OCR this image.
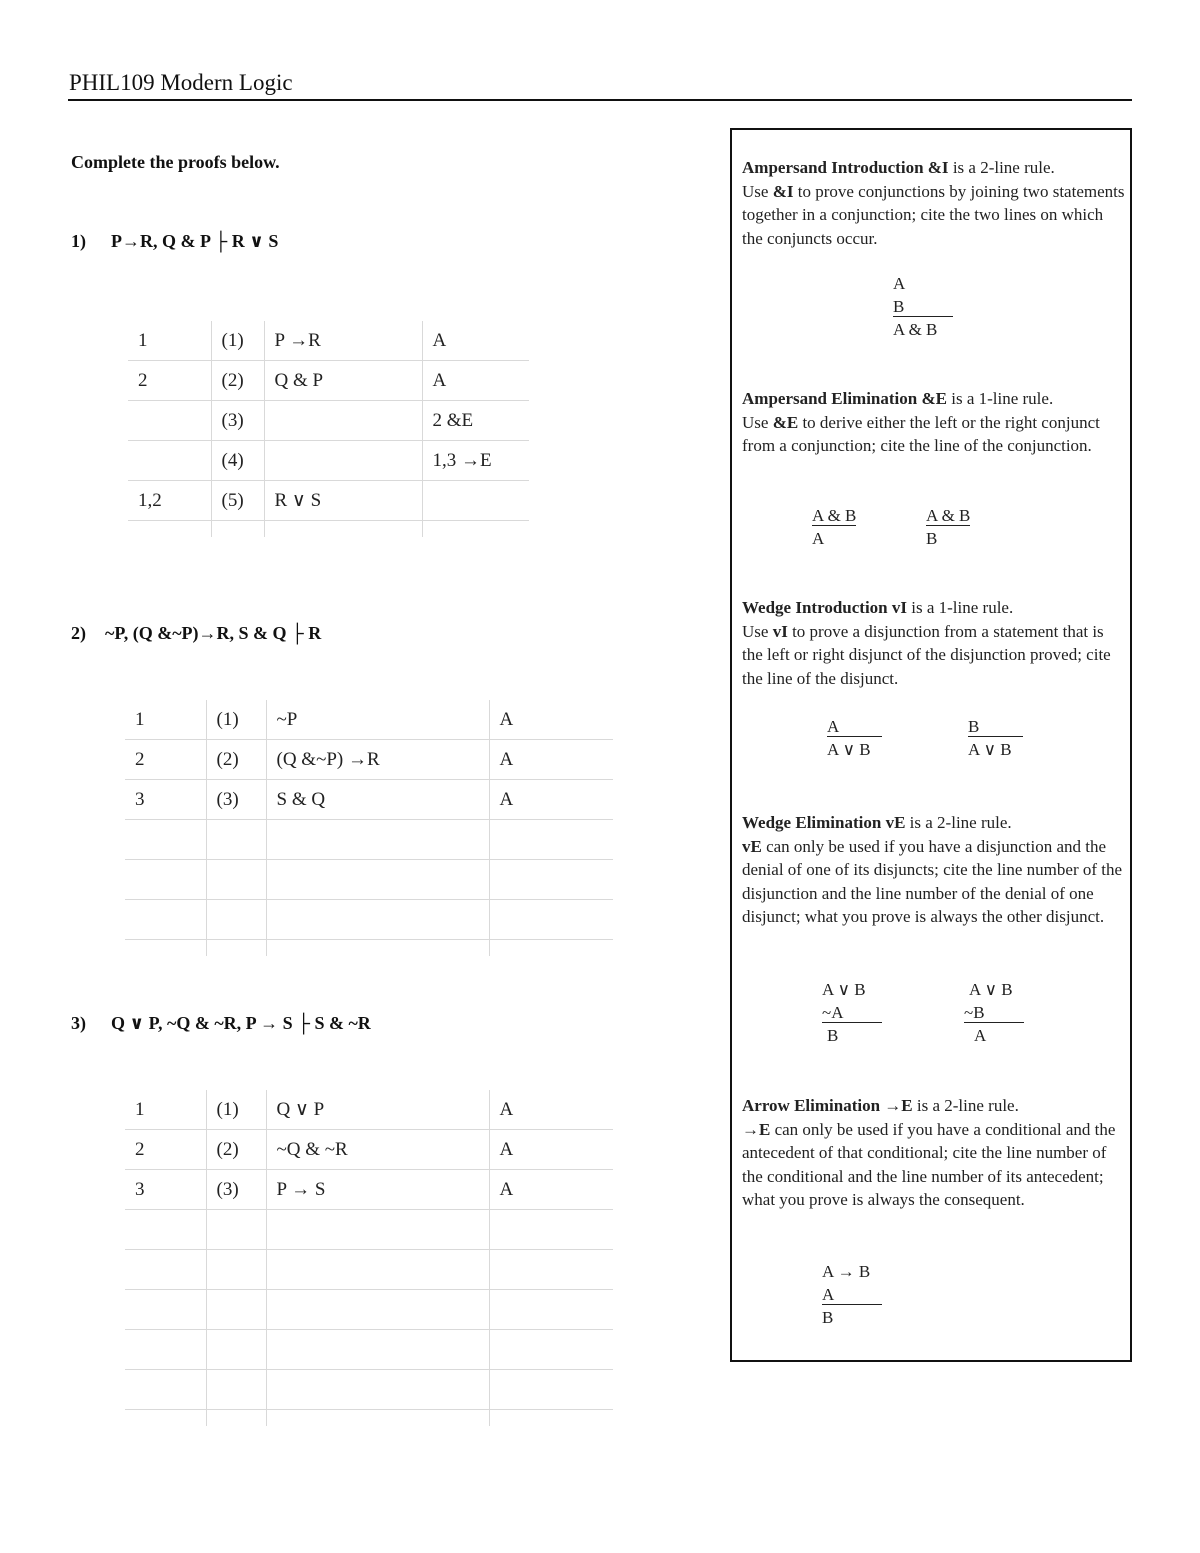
PHIL109 Modern Logic
Complete the proofs below.
1) P→R, Q & P ├ R ∨ S
1	(1)	P →R	A
2	(2)	Q & P	A
	(3)		2 &E
	(4)		1,3 →E
1,2	(5)	R ∨ S	

2) ~P, (Q &~P)→R, S & Q ├ R
1	(1)	~P	A
2	(2)	(Q &~P) →R	A
3	(3)	S & Q	A

3) Q ∨ P, ~Q & ~R, P → S ├ S & ~R
1	(1)	Q ∨ P	A
2	(2)	~Q & ~R	A
3	(3)	P → S	A

Ampersand Introduction &I is a 2-line rule.
Use &I to prove conjunctions by joining two statements together in a conjunction; cite the two lines on which the conjuncts occur.
A
B
A & B
Ampersand Elimination &E is a 1-line rule.
Use &E to derive either the left or the right conjunct from a conjunction; cite the line of the conjunction.
A & B
A
A & B
B
Wedge Introduction vI is a 1-line rule.
Use vI to prove a disjunction from a statement that is the left or right disjunct of the disjunction proved; cite the line of the disjunct.
A
A ∨ B
B
A ∨ B
Wedge Elimination vE is a 2-line rule.
vE can only be used if you have a disjunction and the denial of one of its disjuncts; cite the line number of the disjunction and the line number of the denial of one disjunct; what you prove is always the other disjunct.
A ∨ B
~A
B
A ∨ B
~B
A
Arrow Elimination →E is a 2-line rule.
→E can only be used if you have a conditional and the antecedent of that conditional; cite the line number of the conditional and the line number of its antecedent; what you prove is always the consequent.
A → B
A
B
